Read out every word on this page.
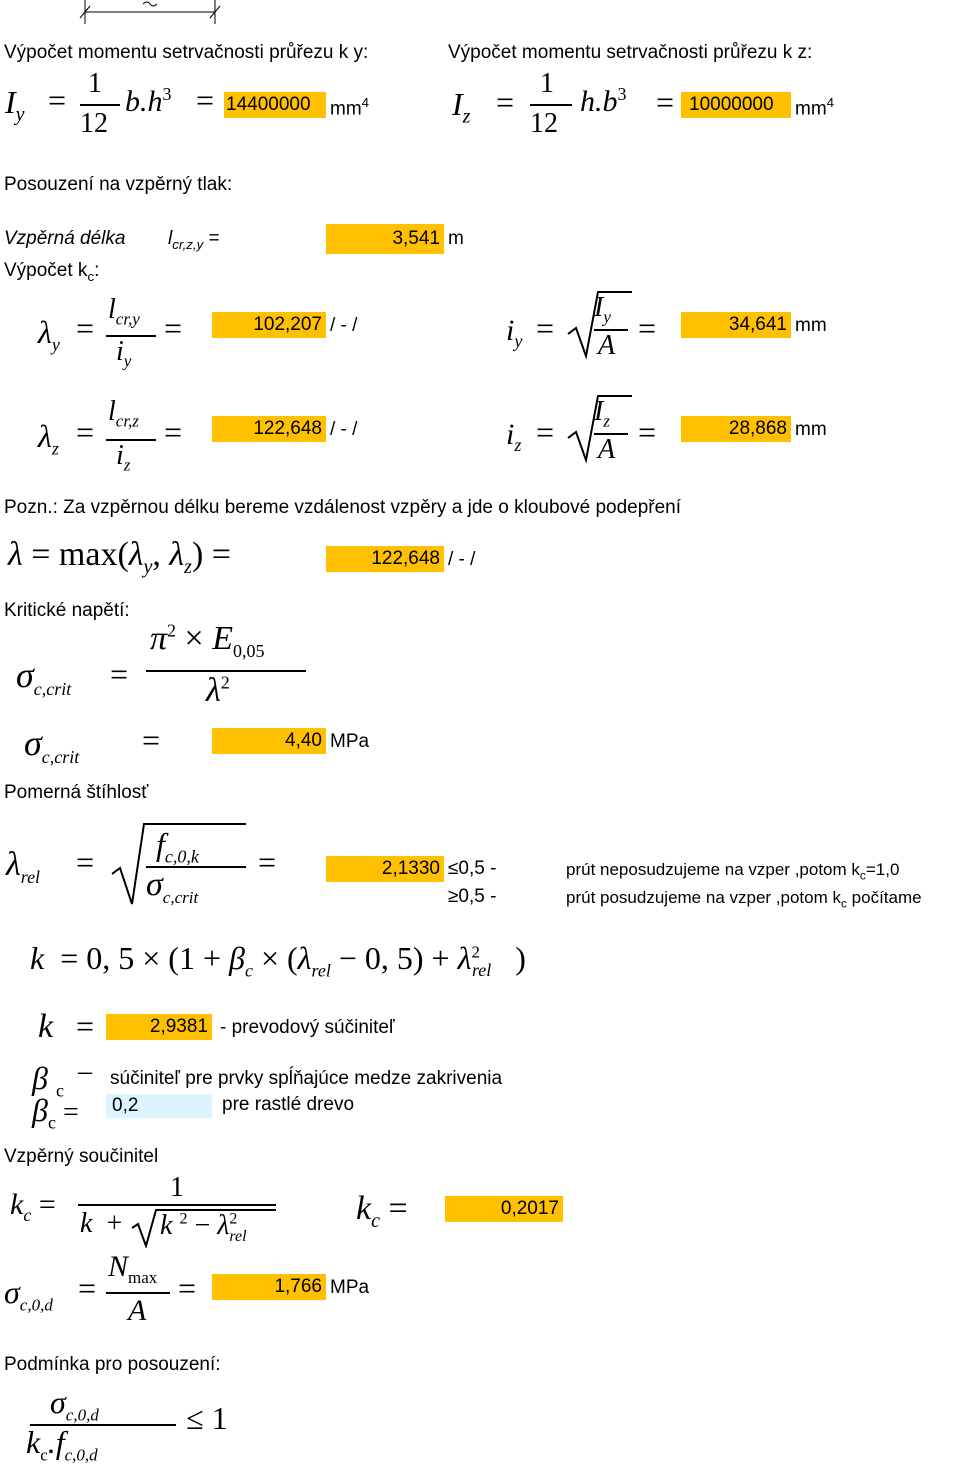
Výpočet momentu setrvačnosti průřezu k y:	Výpočet momentu setrvačnosti průřezu k z:
$I_y = 1$
12
$b.h^3 = 14400000$	$mm^4$	$I_z$ =
1
12
$h.b^3 = 10000000$	$mm^4$
Posouzení na vzpěrný tlak:
Vzpěrná délka $l_{cr,z,y}$ =	3,541 m
Výpočet $k_c$:
$\lambda_y$ =
$l_{cr,y}$
$i_y$
=	102,207 / - /	$i_y$ =
$I_y$
A =	34,641 mm
$\lambda_z$ =
$l_{cr,z}$
$i_z$
=	122,648 / - /	$i_z$ =
$I_z$
A =	28,868 mm
Pozn.: Za vzpěrnou délku bereme vzdálenost vzpěry a jde o kloubové podepření
$\lambda = \max(\lambda_y$, $\lambda_z$) =	122,648 / - /
Kritické napětí:
$\sigma_{c,crit}$ =
$\pi^2 \times E_{0,05}$
$\lambda^2$
$\sigma_{c,crit}$ =	4,40 MPa
Pomerná štíhlosť
$\lambda_{rel} = f_{c,0,k}$
$\sigma_{c,crit}$
=	2,1330 ≤0,5 -
≥0,5 -
prút neposudzujeme na vzper ,potom $k_c=1,0$
prút posudzujeme na vzper ,potom $k_c$ počítame
k  = 0, $5 \times (1 + \beta_c \times (\lambda_{rel} - 0$, $5) + \lambda^2_{rel}$   )
k =	2,9381 - prevodový súčiniteľ
β $_c$
– súčiniteľ pre prvky spĺňajúce medze zakrivenia
$\beta_c$ =	0,2	pre rastlé drevo
Vzpěrný součinitel
$k_c$ =
1
k  + k $^2 - \lambda^2_{rel}$
$k_c$ =	0,2017
$\sigma_{c,0,d}$ =
$N_{max}$
A
=	1,766 MPa
Podmínka pro posouzení:
$\sigma_{c,0,d}$
$k_c.f_{c,0,d}$
≤ 1
